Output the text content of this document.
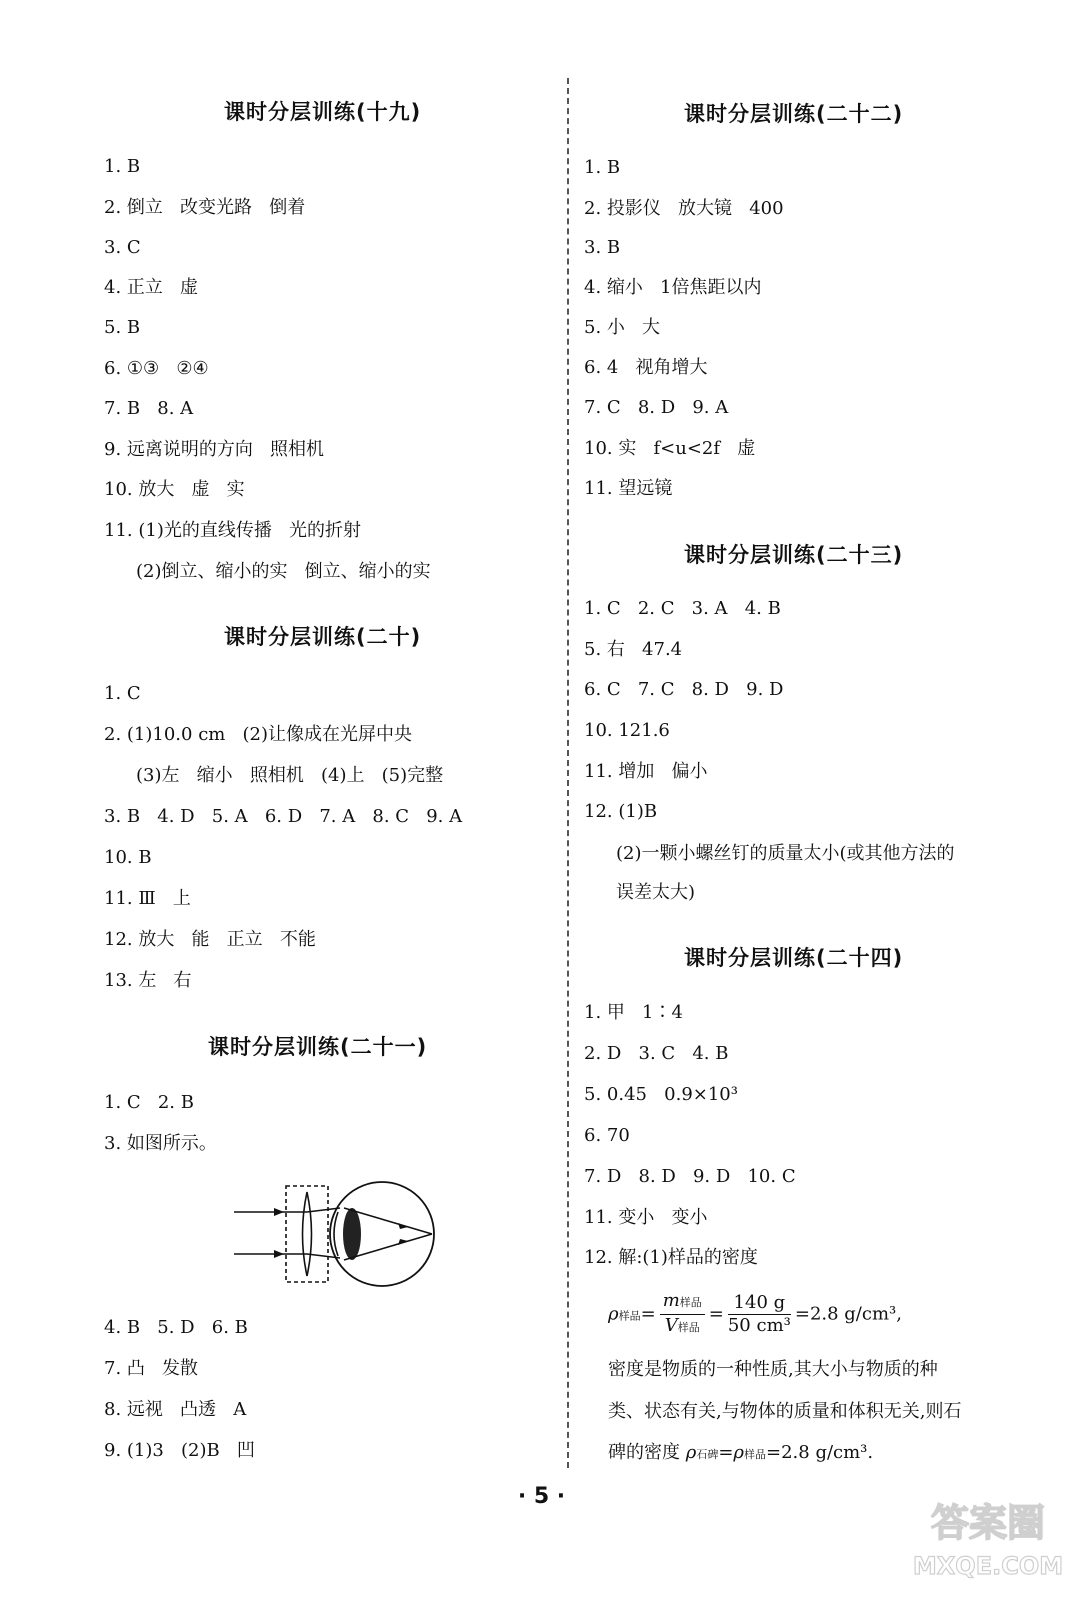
课时分层训练(十九)
1. B
2. 倒立   改变光路   倒着
3. C
4. 正立   虚
5. B
6. ①③   ②④
7. B   8. A
9. 远离说明的方向   照相机
10. 放大   虚   实
11. (1)光的直线传播   光的折射
(2)倒立、缩小的实   倒立、缩小的实
课时分层训练(二十)
1. C
2. (1)10.0 cm   (2)让像成在光屏中央
(3)左   缩小   照相机   (4)上   (5)完整
3. B   4. D   5. A   6. D   7. A   8. C   9. A
10. B
11. Ⅲ   上
12. 放大   能   正立   不能
13. 左   右
课时分层训练(二十一)
1. C   2. B
3. 如图所示。
4. B   5. D   6. B
7. 凸   发散
8. 远视   凸透   A
9. (1)3   (2)B   凹
课时分层训练(二十二)
1. B
2. 投影仪   放大镜   400
3. B
4. 缩小   1倍焦距以内
5. 小   大
6. 4   视角增大
7. C   8. D   9. A
10. 实   f<u<2f   虚
11. 望远镜
课时分层训练(二十三)
1. C   2. C   3. A   4. B
5. 右   47.4
6. C   7. C   8. D   9. D
10. 121.6
11. 增加   偏小
12. (1)B
(2)一颗小螺丝钉的质量太小(或其他方法的
误差太大)
课时分层训练(二十四)
1. 甲   1∶4
2. D   3. C   4. B
5. 0.45   0.9×10³
6. 70
7. D   8. D   9. D   10. C
11. 变小   变小
12. 解:(1)样品的密度
ρ样品= $\frac{\text{m样品}}{\text{V样品}} = \frac{140 g}{\text{50 cm³}} =2.8$ g/cm³,
密度是物质的一种性质,其大小与物质的种
类、状态有关,与物体的质量和体积无关,则石
碑的密度 ρ石碑=ρ样品=2.8 g/cm³.
· 5 ·
答案圈
MXQE.COM
